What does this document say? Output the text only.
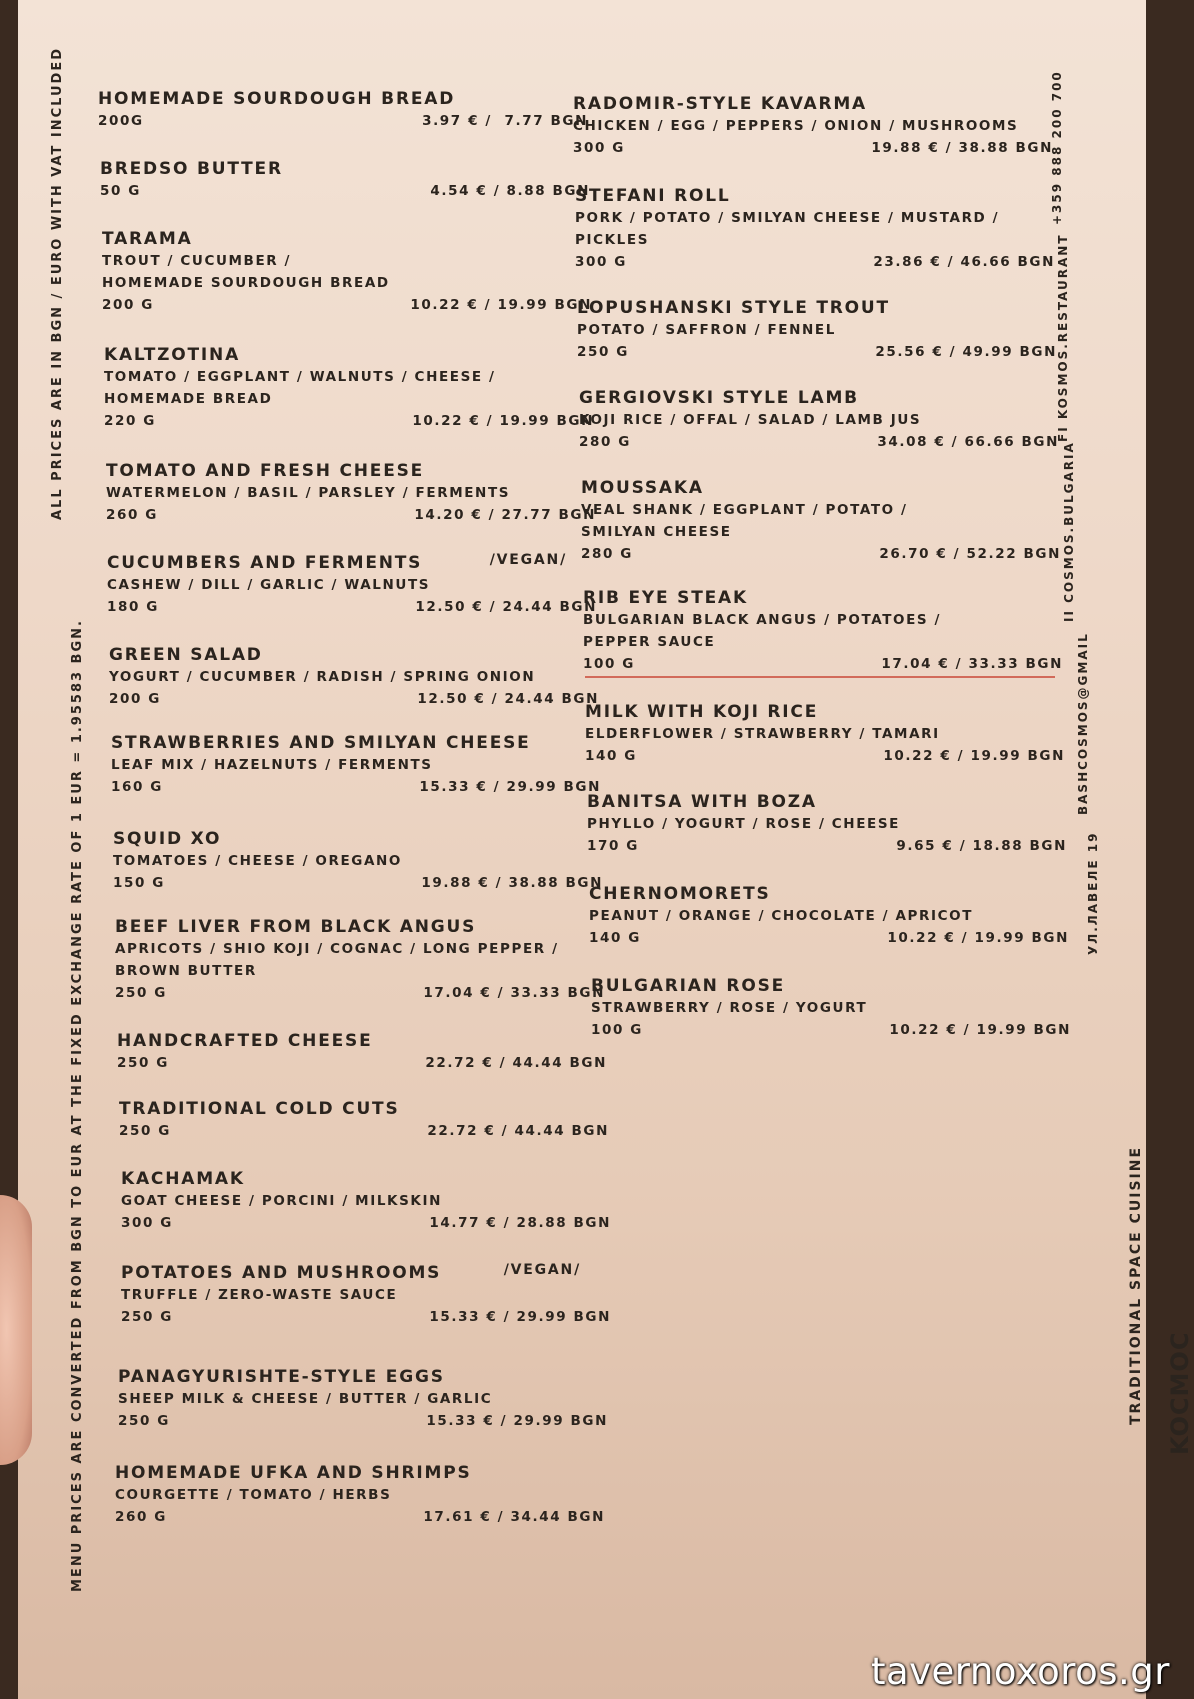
ALL PRICES ARE IN BGN / EURO WITH VAT INCLUDED
MENU PRICES ARE CONVERTED FROM BGN TO EUR AT THE FIXED EXCHANGE RATE OF 1 EUR = 1.95583 BGN.
+359 888 200 700
FI KOSMOS.RESTAURANT
II COSMOS.BULGARIA
BASHCOSMOS@GMAIL
УЛ.ЛАВЕЛЕ 19
TRADITIONAL SPACE CUISINE KOCMOC
HOMEMADE SOURDOUGH BREAD
200G	3.97 € /  7.77 BGN
BREDSO BUTTER
50 G	4.54 € / 8.88 BGN
TARAMA
TROUT / CUCUMBER /
HOMEMADE SOURDOUGH BREAD
200 G	10.22 € / 19.99 BGN
KALTZOTINA
TOMATO / EGGPLANT / WALNUTS / CHEESE /
HOMEMADE BREAD
220 G	10.22 € / 19.99 BGN
TOMATO AND FRESH CHEESE
WATERMELON / BASIL / PARSLEY / FERMENTS
260 G	14.20 € / 27.77 BGN
CUCUMBERS AND FERMENTS	/VEGAN/
CASHEW / DILL / GARLIC / WALNUTS
180 G	12.50 € / 24.44 BGN
GREEN SALAD
YOGURT / CUCUMBER / RADISH / SPRING ONION
200 G	12.50 € / 24.44 BGN
STRAWBERRIES AND SMILYAN CHEESE
LEAF MIX / HAZELNUTS / FERMENTS
160 G	15.33 € / 29.99 BGN
SQUID XO
TOMATOES / CHEESE / OREGANO
150 G	19.88 € / 38.88 BGN
BEEF LIVER FROM BLACK ANGUS
APRICOTS / SHIO KOJI / COGNAC / LONG PEPPER /
BROWN BUTTER
250 G	17.04 € / 33.33 BGN
HANDCRAFTED CHEESE
250 G	22.72 € / 44.44 BGN
TRADITIONAL COLD CUTS
250 G	22.72 € / 44.44 BGN
KACHAMAK
GOAT CHEESE / PORCINI / MILKSKIN
300 G	14.77 € / 28.88 BGN
POTATOES AND MUSHROOMS	/VEGAN/
TRUFFLE / ZERO-WASTE SAUCE
250 G	15.33 € / 29.99 BGN
PANAGYURISHTE-STYLE EGGS
SHEEP MILK & CHEESE / BUTTER / GARLIC
250 G	15.33 € / 29.99 BGN
HOMEMADE UFKA AND SHRIMPS
COURGETTE / TOMATO / HERBS
260 G	17.61 € / 34.44 BGN
RADOMIR-STYLE KAVARMA
CHICKEN / EGG / PEPPERS / ONION / MUSHROOMS
300 G	19.88 € / 38.88 BGN
STEFANI ROLL
PORK / POTATO / SMILYAN CHEESE / MUSTARD /
PICKLES
300 G	23.86 € / 46.66 BGN
LOPUSHANSKI STYLE TROUT
POTATO / SAFFRON / FENNEL
250 G	25.56 € / 49.99 BGN
GERGIOVSKI STYLE LAMB
KOJI RICE / OFFAL / SALAD / LAMB JUS
280 G	34.08 € / 66.66 BGN
MOUSSAKA
VEAL SHANK / EGGPLANT / POTATO /
SMILYAN CHEESE
280 G	26.70 € / 52.22 BGN
RIB EYE STEAK
BULGARIAN BLACK ANGUS / POTATOES /
PEPPER SAUCE
100 G	17.04 € / 33.33 BGN
MILK WITH KOJI RICE
ELDERFLOWER / STRAWBERRY / TAMARI
140 G	10.22 € / 19.99 BGN
BANITSA WITH BOZA
PHYLLO / YOGURT / ROSE / CHEESE
170 G	9.65 € / 18.88 BGN
CHERNOMORETS
PEANUT / ORANGE / CHOCOLATE / APRICOT
140 G	10.22 € / 19.99 BGN
BULGARIAN ROSE
STRAWBERRY / ROSE / YOGURT
100 G	10.22 € / 19.99 BGN
tavernoxoros.gr
